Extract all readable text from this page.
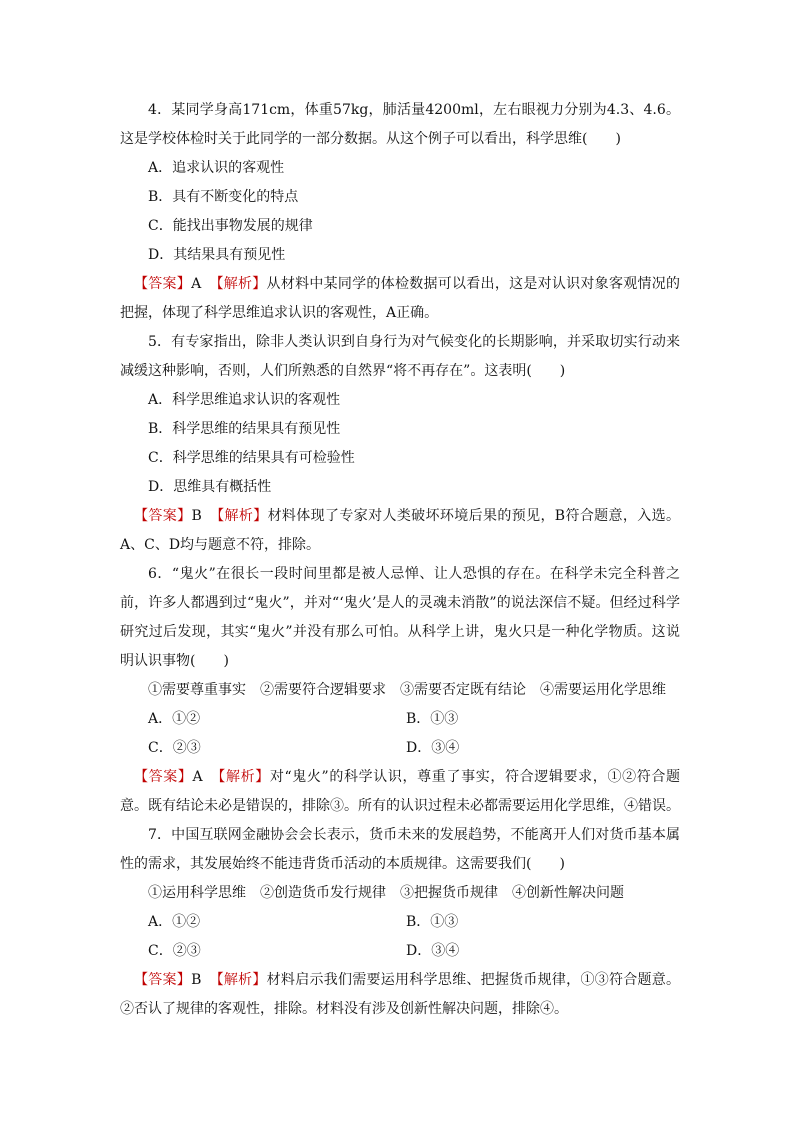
4．某同学身高171cm，体重57kg，肺活量4200ml，左右眼视力分别为4.3、4.6。这是学校体检时关于此同学的一部分数据。从这个例子可以看出，科学思维(　　)
A．追求认识的客观性
B．具有不断变化的特点
C．能找出事物发展的规律
D．其结果具有预见性
【答案】A 【解析】从材料中某同学的体检数据可以看出，这是对认识对象客观情况的把握，体现了科学思维追求认识的客观性，A正确。
5．有专家指出，除非人类认识到自身行为对气候变化的长期影响，并采取切实行动来减缓这种影响，否则，人们所熟悉的自然界“将不再存在”。这表明(　　)
A．科学思维追求认识的客观性
B．科学思维的结果具有预见性
C．科学思维的结果具有可检验性
D．思维具有概括性
【答案】B 【解析】材料体现了专家对人类破坏环境后果的预见，B符合题意，入选。A、C、D均与题意不符，排除。
6．“鬼火”在很长一段时间里都是被人忌惮、让人恐惧的存在。在科学未完全科普之前，许多人都遇到过“鬼火”，并对“‘鬼火’是人的灵魂未消散”的说法深信不疑。但经过科学研究过后发现，其实“鬼火”并没有那么可怕。从科学上讲，鬼火只是一种化学物质。这说明认识事物(　　)
①需要尊重事实　②需要符合逻辑要求　③需要否定既有结论　④需要运用化学思维
A．①②	B．①③
C．②③	D．③④
【答案】A 【解析】对“鬼火”的科学认识，尊重了事实，符合逻辑要求，①②符合题意。既有结论未必是错误的，排除③。所有的认识过程未必都需要运用化学思维，④错误。
7．中国互联网金融协会会长表示，货币未来的发展趋势，不能离开人们对货币基本属性的需求，其发展始终不能违背货币活动的本质规律。这需要我们(　　)
①运用科学思维　②创造货币发行规律　③把握货币规律　④创新性解决问题
A．①②	B．①③
C．②③	D．③④
【答案】B 【解析】材料启示我们需要运用科学思维、把握货币规律，①③符合题意。②否认了规律的客观性，排除。材料没有涉及创新性解决问题，排除④。
